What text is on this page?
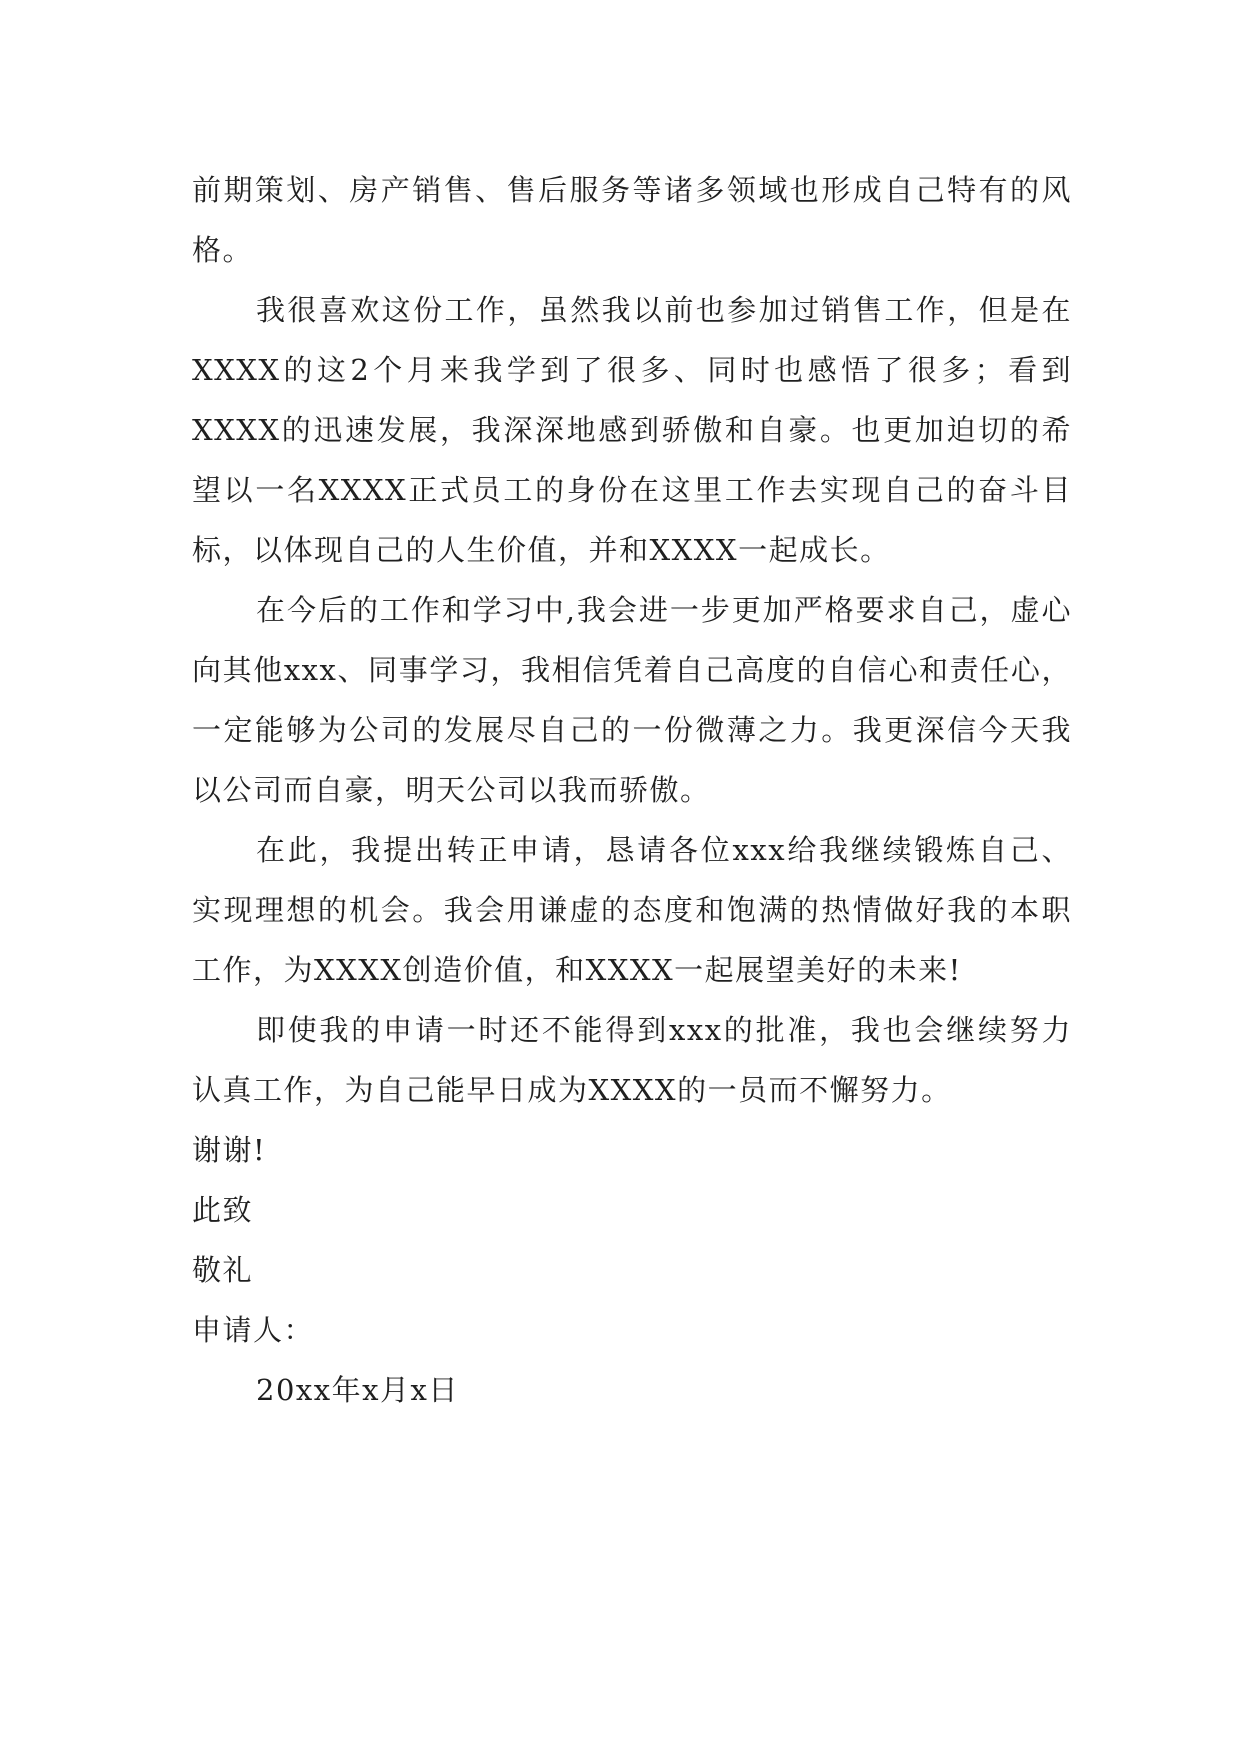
前期策划、房产销售、售后服务等诸多领域也形成自己特有的风格。

我很喜欢这份工作，虽然我以前也参加过销售工作，但是在XXXX的这2个月来我学到了很多、同时也感悟了很多；看到XXXX的迅速发展，我深深地感到骄傲和自豪。也更加迫切的希望以一名XXXX正式员工的身份在这里工作去实现自己的奋斗目标，以体现自己的人生价值，并和XXXX一起成长。

在今后的工作和学习中,我会进一步更加严格要求自己，虚心向其他xxx、同事学习，我相信凭着自己高度的自信心和责任心，一定能够为公司的发展尽自己的一份微薄之力。我更深信今天我以公司而自豪，明天公司以我而骄傲。

在此，我提出转正申请，恳请各位xxx给我继续锻炼自己、实现理想的机会。我会用谦虚的态度和饱满的热情做好我的本职工作，为XXXX创造价值，和XXXX一起展望美好的未来!

即使我的申请一时还不能得到xxx的批准，我也会继续努力认真工作，为自己能早日成为XXXX的一员而不懈努力。

谢谢!

此致

敬礼

申请人：

20xx年x月x日
